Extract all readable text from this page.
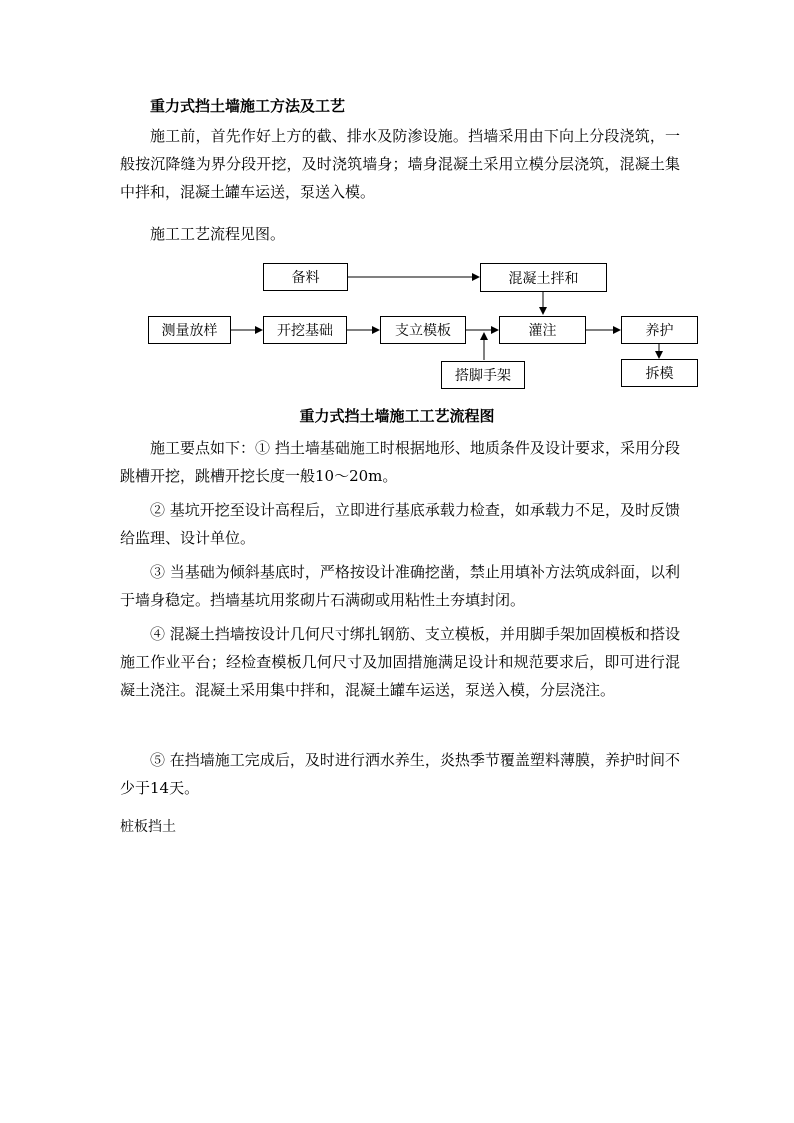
重力式挡土墙施工方法及工艺

施工前，首先作好上方的截、排水及防渗设施。挡墙采用由下向上分段浇筑，一般按沉降缝为界分段开挖，及时浇筑墙身；墙身混凝土采用立模分层浇筑，混凝土集中拌和，混凝土罐车运送，泵送入模。

施工工艺流程见图。

备料	混凝土拌和
测量放样	开挖基础	支立模板	灌注	养护
搭脚手架	拆模
重力式挡土墙施工工艺流程图

施工要点如下：① 挡土墙基础施工时根据地形、地质条件及设计要求，采用分段跳槽开挖，跳槽开挖长度一般10～20m。

② 基坑开挖至设计高程后，立即进行基底承载力检查，如承载力不足，及时反馈给监理、设计单位。

③ 当基础为倾斜基底时，严格按设计准确挖凿，禁止用填补方法筑成斜面，以利于墙身稳定。挡墙基坑用浆砌片石满砌或用粘性土夯填封闭。

④ 混凝土挡墙按设计几何尺寸绑扎钢筋、支立模板，并用脚手架加固模板和搭设施工作业平台；经检查模板几何尺寸及加固措施满足设计和规范要求后，即可进行混凝土浇注。混凝土采用集中拌和，混凝土罐车运送，泵送入模，分层浇注。

⑤ 在挡墙施工完成后，及时进行洒水养生，炎热季节覆盖塑料薄膜，养护时间不少于14天。

桩板挡土
